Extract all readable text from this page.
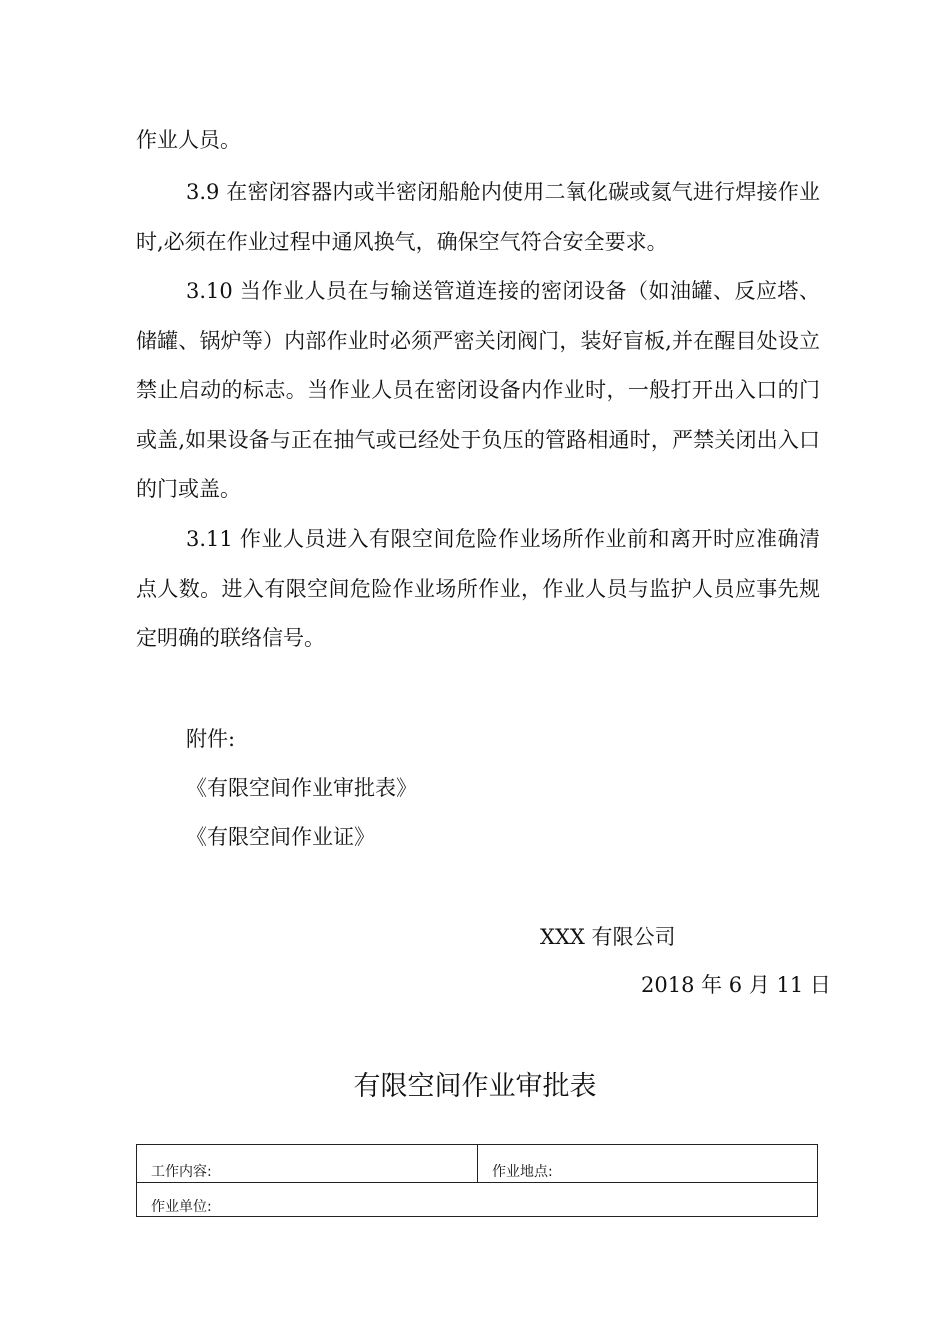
作业人员。

3.9 在密闭容器内或半密闭船舱内使用二氧化碳或氦气进行焊接作业时,必须在作业过程中通风换气，确保空气符合安全要求。

3.10 当作业人员在与输送管道连接的密闭设备（如油罐、反应塔、储罐、锅炉等）内部作业时必须严密关闭阀门，装好盲板,并在醒目处设立禁止启动的标志。当作业人员在密闭设备内作业时，一般打开出入口的门或盖,如果设备与正在抽气或已经处于负压的管路相通时，严禁关闭出入口的门或盖。

3.11 作业人员进入有限空间危险作业场所作业前和离开时应准确清点人数。进入有限空间危险作业场所作业，作业人员与监护人员应事先规定明确的联络信号。

附件:
《有限空间作业审批表》
《有限空间作业证》
XXX 有限公司
2018 年 6 月 11 日
有限空间作业审批表
工作内容:	作业地点:
作业单位:
